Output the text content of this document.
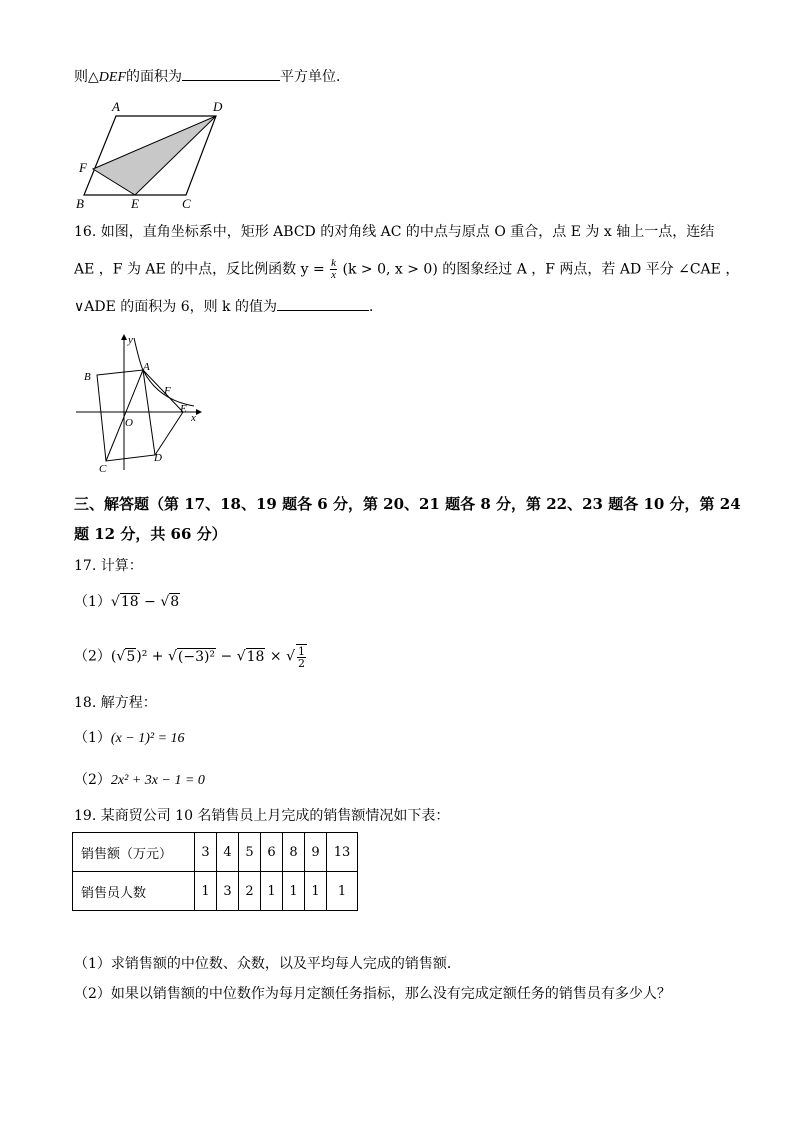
则△DEF的面积为	平方单位．
A	D
F
B	E	C
16. 如图，直角坐标系中，矩形 ABCD 的对角线 AC 的中点与原点 O 重合，点 E 为 x 轴上一点，连结
AE ，F 为 AE 的中点，反比例函数 $y = \frac{k}{x} (k > 0$, x > 0) 的图象经过 A ，F 两点，若 AD 平分 ∠CAE ，
∨ADE 的面积为 6，则 k 的值为	．
y
A
B
F
E
x
O
C
D
三、解答题（第 17、18、19 题各 6 分，第 20、21 题各 8 分，第 22、23 题各 10 分，第 24
题 12 分，共 66 分）
17. 计算：
（1）√18 − √8
（2）(√5)² + √(−3)² − √18 × √ $\frac{1}{2}$
18. 解方程：
（1）(x − 1)² = 16
（2）2x² + 3x − 1 = 0
19. 某商贸公司 10 名销售员上月完成的销售额情况如下表：
销售额（万元）	3	4	5	6	8	9	13
销售员人数	1	3	2	1	1	1	1
（1）求销售额的中位数、众数，以及平均每人完成的销售额．
（2）如果以销售额的中位数作为每月定额任务指标，那么没有完成定额任务的销售员有多少人？
